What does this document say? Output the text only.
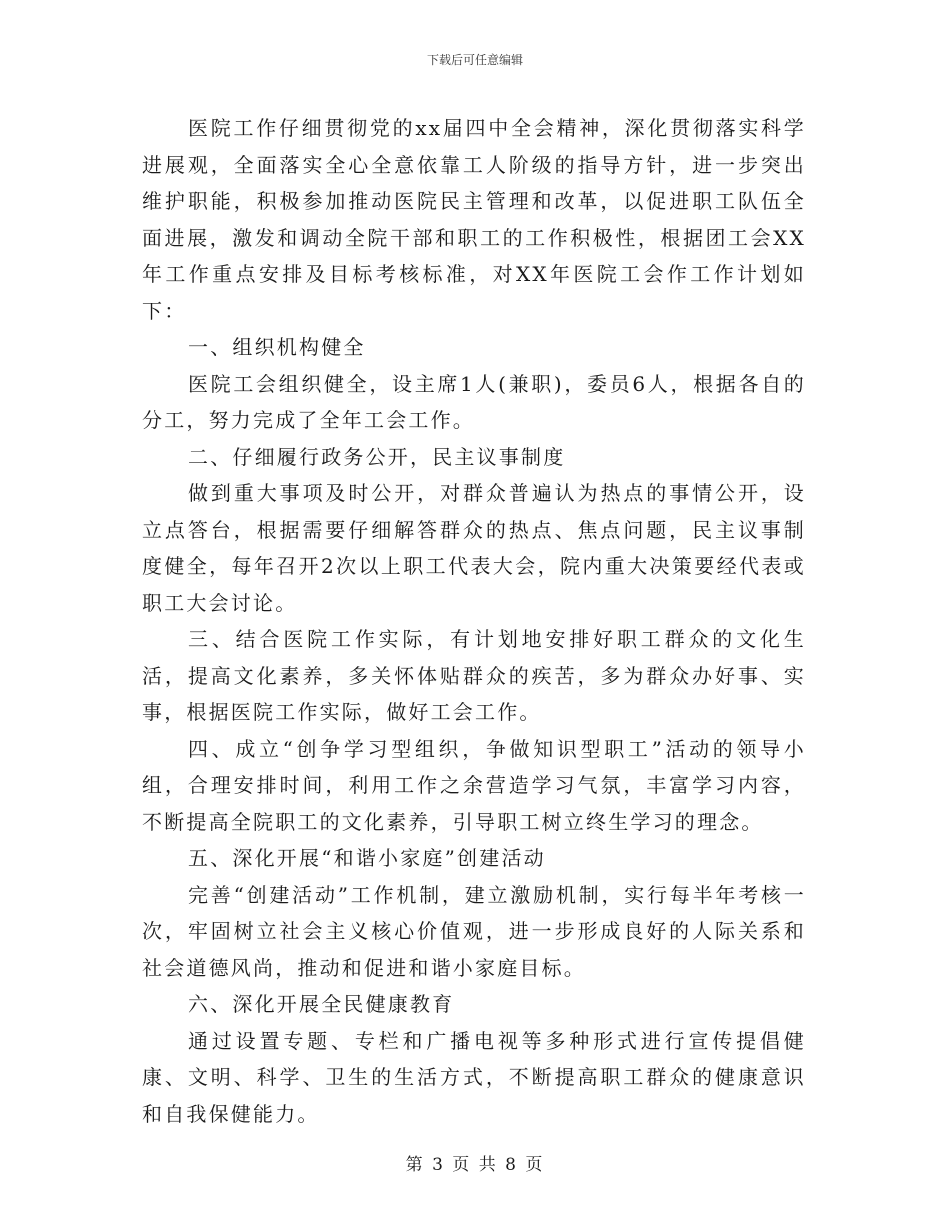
下载后可任意编辑

医院工作仔细贯彻党的xx届四中全会精神，深化贯彻落实科学进展观，全面落实全心全意依靠工人阶级的指导方针，进一步突出维护职能，积极参加推动医院民主管理和改革，以促进职工队伍全面进展，激发和调动全院干部和职工的工作积极性，根据团工会XX年工作重点安排及目标考核标准，对XX年医院工会作工作计划如下：

一、组织机构健全

医院工会组织健全，设主席1人(兼职)，委员6人，根据各自的分工，努力完成了全年工会工作。

二、仔细履行政务公开，民主议事制度

做到重大事项及时公开，对群众普遍认为热点的事情公开，设立点答台，根据需要仔细解答群众的热点、焦点问题，民主议事制度健全，每年召开2次以上职工代表大会，院内重大决策要经代表或职工大会讨论。

三、结合医院工作实际，有计划地安排好职工群众的文化生活，提高文化素养，多关怀体贴群众的疾苦，多为群众办好事、实事，根据医院工作实际，做好工会工作。

四、成立“创争学习型组织，争做知识型职工”活动的领导小组，合理安排时间，利用工作之余营造学习气氛，丰富学习内容，不断提高全院职工的文化素养，引导职工树立终生学习的理念。

五、深化开展“和谐小家庭”创建活动

完善“创建活动”工作机制，建立激励机制，实行每半年考核一次，牢固树立社会主义核心价值观，进一步形成良好的人际关系和社会道德风尚，推动和促进和谐小家庭目标。

六、深化开展全民健康教育

通过设置专题、专栏和广播电视等多种形式进行宣传提倡健康、文明、科学、卫生的生活方式，不断提高职工群众的健康意识和自我保健能力。

第 3 页 共 8 页
